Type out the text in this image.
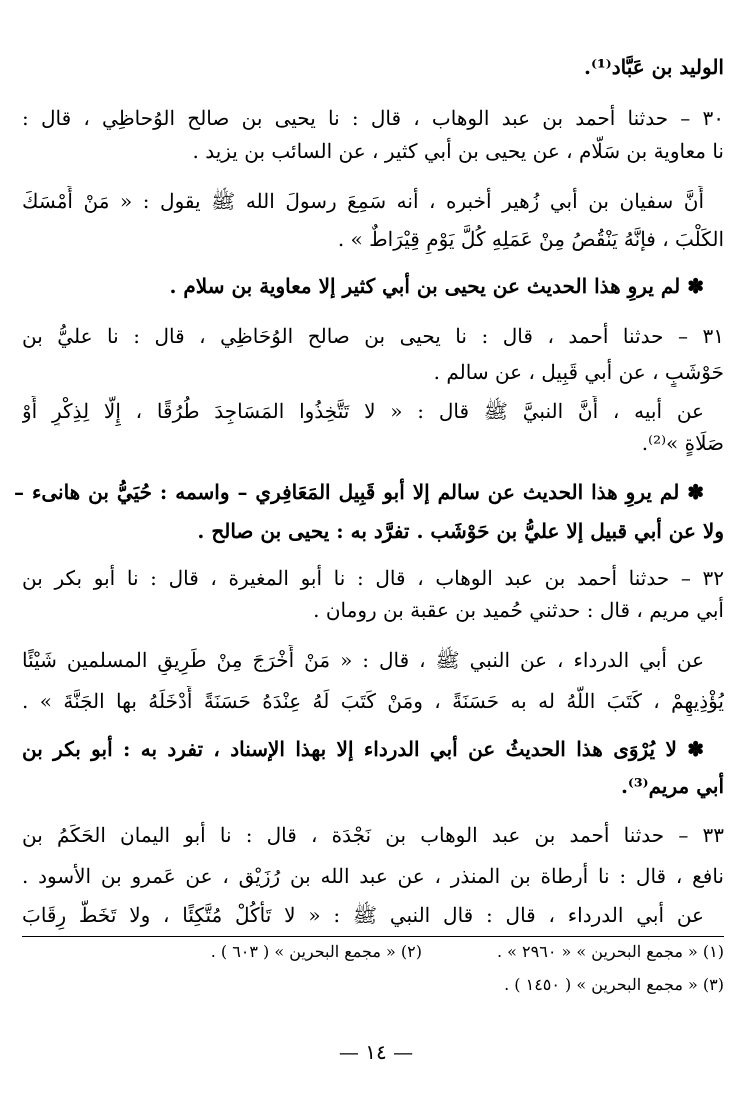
الوليد بن عَبَّاد⁽¹⁾.
٣٠ – حدثنا أحمد بن عبد الوهاب ، قال : نا يحيى بن صالح الوُحاظِي ، قال :
نا معاوية بن سَلَّام ، عن يحيى بن أبي كثير ، عن السائب بن يزيد .
أَنَّ سفيان بن أبي زُهير أخبره ، أنه سَمِعَ رسولَ الله ﷺ يقول : « مَنْ أَمْسَكَ
الكَلْبَ ، فإنَّهُ يَنْقُصُ مِنْ عَمَلِهِ كُلَّ يَوْمٍ قِيْرَاطٌ » .
✽ لم يروِ هذا الحديث عن يحيى بن أبي كثير إلا معاوية بن سلام .
٣١ – حدثنا أحمد ، قال : نا يحيى بن صالح الوُحَاظِي ، قال : نا عليُّ بن
حَوْشَبٍ ، عن أبي قَبِيل ، عن سالم .
عن أبيه ، أَنَّ النبيَّ ﷺ قال : « لا تَتَّخِذُوا المَسَاجِدَ طُرُقًا ، إِلَّا لِذِكْرٍ أَوْ
صَلَاةٍ »⁽²⁾.
✽ لم يروِ هذا الحديث عن سالم إلا أبو قَبِيل المَعَافِري – واسمه : حُيَيُّ بن هانىء –
ولا عن أبي قبيل إلا عليُّ بن حَوْشَب . تفرَّد به : يحيى بن صالح .
٣٢ – حدثنا أحمد بن عبد الوهاب ، قال : نا أبو المغيرة ، قال : نا أبو بكر بن
أبي مريم ، قال : حدثني حُميد بن عقبة بن رومان .
عن أبي الدرداء ، عن النبي ﷺ ، قال : « مَنْ أَخْرَجَ مِنْ طَرِيقِ المسلمين شَيْئًا
يُؤْذِيهِمْ ، كَتَبَ اللَّهُ له به حَسَنَةً ، ومَنْ كَتَبَ لَهُ عِنْدَهُ حَسَنَةً أَدْخَلَهُ بها الجَنَّةَ » .
✽ لا يُرْوَى هذا الحديثُ عن أبي الدرداء إلا بهذا الإسناد ، تفرد به : أبو بكر بن
أبي مريم⁽³⁾.
٣٣ – حدثنا أحمد بن عبد الوهاب بن نَجْدَة ، قال : نا أبو اليمان الحَكَمُ بن
نافع ، قال : نا أرطاة بن المنذر ، عن عبد الله بن رُزَيْق ، عن عَمرو بن الأسود .
عن أبي الدرداء ، قال : قال النبي ﷺ : « لا تَأْكُلْ مُتَّكِئًا ، ولا تَخَطَّ رِقَابَ
(١) « مجمع البحرين » « ٢٩٦٠ » .
(٢) « مجمع البحرين » ( ٦٠٣ ) .
(٣) « مجمع البحرين » ( ١٤٥٠ ) .
— ١٤ —
